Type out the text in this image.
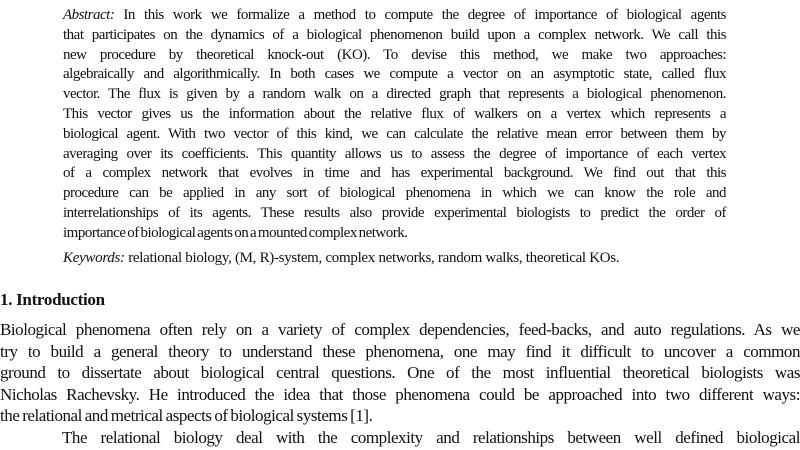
Abstract: In this work we formalize a method to compute the degree of importance of biological agents
that participates on the dynamics of a biological phenomenon build upon a complex network. We call this
new procedure by theoretical knock-out (KO). To devise this method, we make two approaches:
algebraically and algorithmically. In both cases we compute a vector on an asymptotic state, called flux
vector. The flux is given by a random walk on a directed graph that represents a biological phenomenon.
This vector gives us the information about the relative flux of walkers on a vertex which represents a
biological agent. With two vector of this kind, we can calculate the relative mean error between them by
averaging over its coefficients. This quantity allows us to assess the degree of importance of each vertex
of a complex network that evolves in time and has experimental background. We find out that this
procedure can be applied in any sort of biological phenomena in which we can know the role and
interrelationships of its agents. These results also provide experimental biologists to predict the order of
importance of biological agents on a mounted complex network.
Keywords: relational biology, (M, R)-system, complex networks, random walks, theoretical KOs.
1. Introduction
Biological phenomena often rely on a variety of complex dependencies, feed-backs, and auto regulations. As we
try to build a general theory to understand these phenomena, one may find it difficult to uncover a common
ground to dissertate about biological central questions. One of the most influential theoretical biologists was
Nicholas Rachevsky. He introduced the idea that those phenomena could be approached into two different ways:
the relational and metrical aspects of biological systems [1].
The relational biology deal with the complexity and relationships between well defined biological
